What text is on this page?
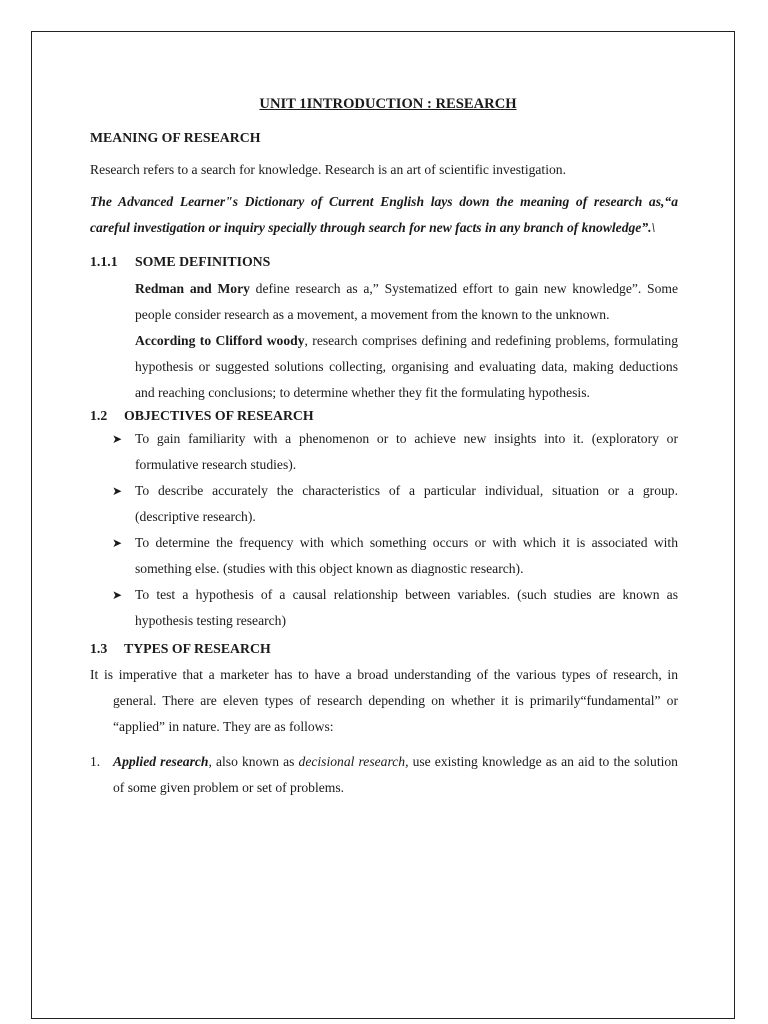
UNIT 1INTRODUCTION : RESEARCH
MEANING OF RESEARCH

Research refers to a search for knowledge. Research is an art of scientific investigation.

The Advanced Learner"s Dictionary of Current English lays down the meaning of research as,“a careful investigation or inquiry specially through search for new facts in any branch of knowledge”.\

1.1.1 SOME DEFINITIONS

Redman and Mory define research as a,” Systematized effort to gain new knowledge”. Some people consider research as a movement, a movement from the known to the unknown.

According to Clifford woody, research comprises defining and redefining problems, formulating hypothesis or suggested solutions collecting, organising and evaluating data, making deductions and reaching conclusions; to determine whether they fit the formulating hypothesis.

1.2 OBJECTIVES OF RESEARCH
➤ To gain familiarity with a phenomenon or to achieve new insights into it. (exploratory or formulative research studies).
➤ To describe accurately the characteristics of a particular individual, situation or a group. (descriptive research).
➤ To determine the frequency with which something occurs or with which it is associated with something else. (studies with this object known as diagnostic research).
➤ To test a hypothesis of a causal relationship between variables. (such studies are known as hypothesis testing research)
1.3 TYPES OF RESEARCH

It is imperative that a marketer has to have a broad understanding of the various types of research, in general. There are eleven types of research depending on whether it is primarily“fundamental” or “applied” in nature. They are as follows:

1. Applied research, also known as decisional research, use existing knowledge as an aid to the solution of some given problem or set of problems.
